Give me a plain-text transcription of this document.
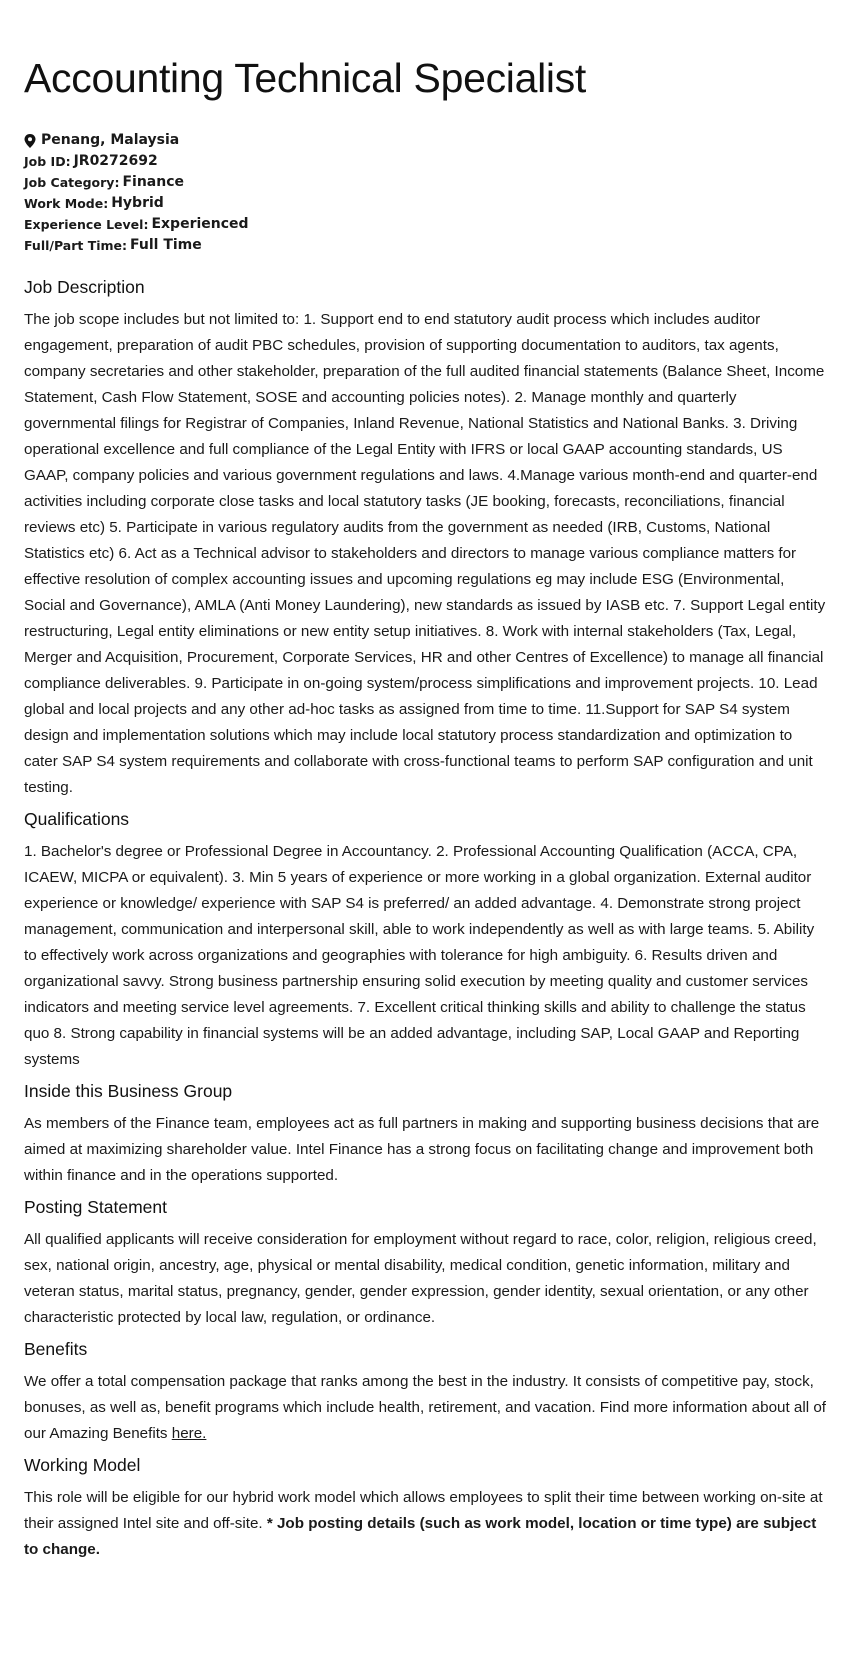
Accounting Technical Specialist
Penang, Malaysia
Job ID: JR0272692
Job Category: Finance
Work Mode: Hybrid
Experience Level: Experienced
Full/Part Time: Full Time
Job Description

The job scope includes but not limited to: 1. Support end to end statutory audit process which includes auditor engagement, preparation of audit PBC schedules, provision of supporting documentation to auditors, tax agents, company secretaries and other stakeholder, preparation of the full audited financial statements (Balance Sheet, Income Statement, Cash Flow Statement, SOSE and accounting policies notes). 2. Manage monthly and quarterly governmental filings for Registrar of Companies, Inland Revenue, National Statistics and National Banks. 3. Driving operational excellence and full compliance of the Legal Entity with IFRS or local GAAP accounting standards, US GAAP, company policies and various government regulations and laws. 4.Manage various month-end and quarter-end activities including corporate close tasks and local statutory tasks (JE booking, forecasts, reconciliations, financial reviews etc) 5. Participate in various regulatory audits from the government as needed (IRB, Customs, National Statistics etc) 6. Act as a Technical advisor to stakeholders and directors to manage various compliance matters for effective resolution of complex accounting issues and upcoming regulations eg may include ESG (Environmental, Social and Governance), AMLA (Anti Money Laundering), new standards as issued by IASB etc. 7. Support Legal entity restructuring, Legal entity eliminations or new entity setup initiatives. 8. Work with internal stakeholders (Tax, Legal, Merger and Acquisition, Procurement, Corporate Services, HR and other Centres of Excellence) to manage all financial compliance deliverables. 9. Participate in on-going system/process simplifications and improvement projects. 10. Lead global and local projects and any other ad-hoc tasks as assigned from time to time. 11.Support for SAP S4 system design and implementation solutions which may include local statutory process standardization and optimization to cater SAP S4 system requirements and collaborate with cross-functional teams to perform SAP configuration and unit testing.

Qualifications

1. Bachelor's degree or Professional Degree in Accountancy. 2. Professional Accounting Qualification (ACCA, CPA, ICAEW, MICPA or equivalent). 3. Min 5 years of experience or more working in a global organization. External auditor experience or knowledge/ experience with SAP S4 is preferred/ an added advantage. 4. Demonstrate strong project management, communication and interpersonal skill, able to work independently as well as with large teams. 5. Ability to effectively work across organizations and geographies with tolerance for high ambiguity. 6. Results driven and organizational savvy. Strong business partnership ensuring solid execution by meeting quality and customer services indicators and meeting service level agreements. 7. Excellent critical thinking skills and ability to challenge the status quo 8. Strong capability in financial systems will be an added advantage, including SAP, Local GAAP and Reporting systems

Inside this Business Group

As members of the Finance team, employees act as full partners in making and supporting business decisions that are aimed at maximizing shareholder value. Intel Finance has a strong focus on facilitating change and improvement both within finance and in the operations supported.

Posting Statement

All qualified applicants will receive consideration for employment without regard to race, color, religion, religious creed, sex, national origin, ancestry, age, physical or mental disability, medical condition, genetic information, military and veteran status, marital status, pregnancy, gender, gender expression, gender identity, sexual orientation, or any other characteristic protected by local law, regulation, or ordinance.

Benefits

We offer a total compensation package that ranks among the best in the industry. It consists of competitive pay, stock, bonuses, as well as, benefit programs which include health, retirement, and vacation. Find more information about all of our Amazing Benefits here.

Working Model

This role will be eligible for our hybrid work model which allows employees to split their time between working on-site at their assigned Intel site and off-site. * Job posting details (such as work model, location or time type) are subject to change.
